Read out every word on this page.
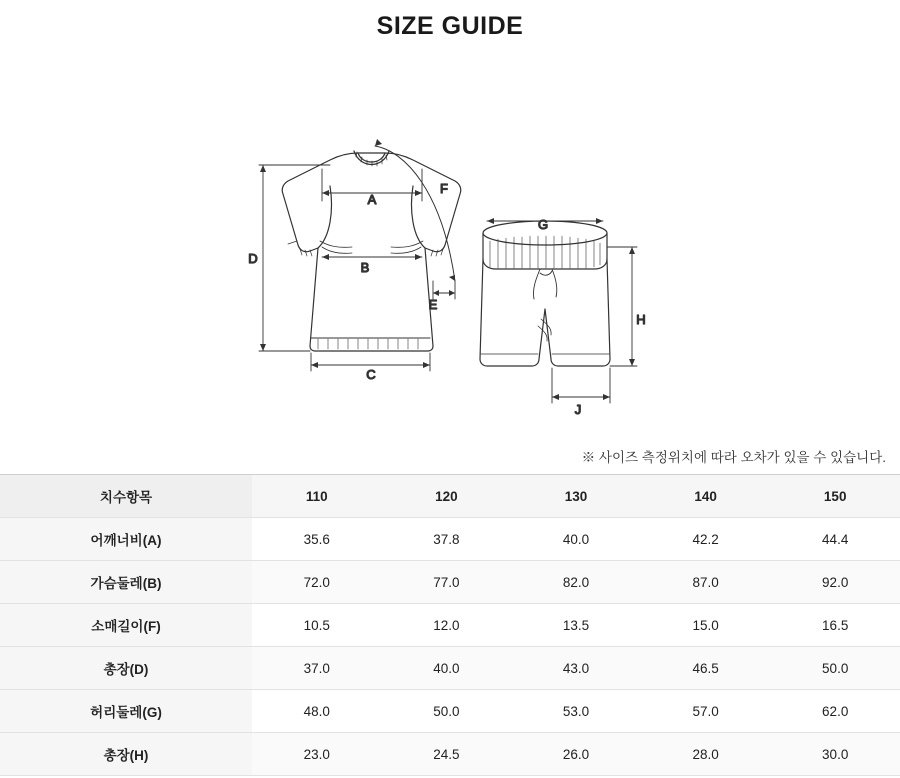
SIZE GUIDE
A
B
C
D
E
F
G
H
J
※ 사이즈 측정위치에 따라 오차가 있을 수 있습니다.
치수항목	110	120	130	140	150
어깨너비(A)	35.6	37.8	40.0	42.2	44.4
가슴둘레(B)	72.0	77.0	82.0	87.0	92.0
소매길이(F)	10.5	12.0	13.5	15.0	16.5
총장(D)	37.0	40.0	43.0	46.5	50.0
허리둘레(G)	48.0	50.0	53.0	57.0	62.0
총장(H)	23.0	24.5	26.0	28.0	30.0
